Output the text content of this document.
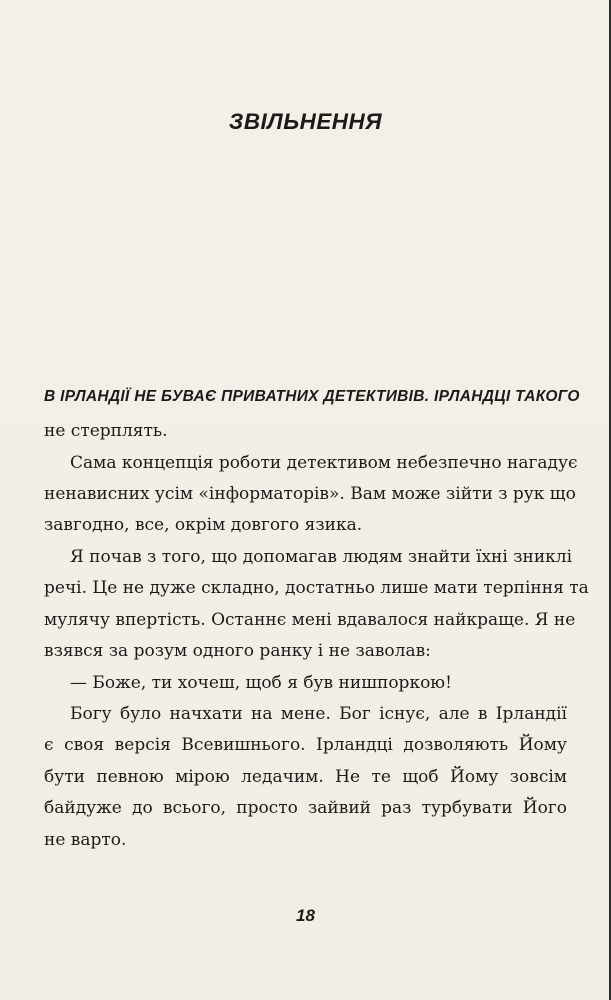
ЗВІЛЬНЕННЯ
В ІРЛАНДІЇ НЕ БУВАЄ ПРИВАТНИХ ДЕТЕКТИВІВ. ІРЛАНДЦІ ТАКОГО
не стерплять.
Сама концепція роботи детективом небезпечно нагадує
ненависних усім «інформаторів». Вам може зійти з рук що
завгодно, все, окрім довгого язика.
Я почав з того, що допомагав людям знайти їхні зниклі
речі. Це не дуже складно, достатньо лише мати терпіння та
мулячу впертість. Останнє мені вдавалося найкраще. Я не
взявся за розум одного ранку і не заволав:
— Боже, ти хочеш, щоб я був нишпоркою!
Богу було начхати на мене. Бог існує, але в Ірландії
є своя версія Всевишнього. Ірландці дозволяють Йому
бути певною мірою ледачим. Не те щоб Йому зовсім
байдуже до всього, просто зайвий раз турбувати Його
не варто.
18
